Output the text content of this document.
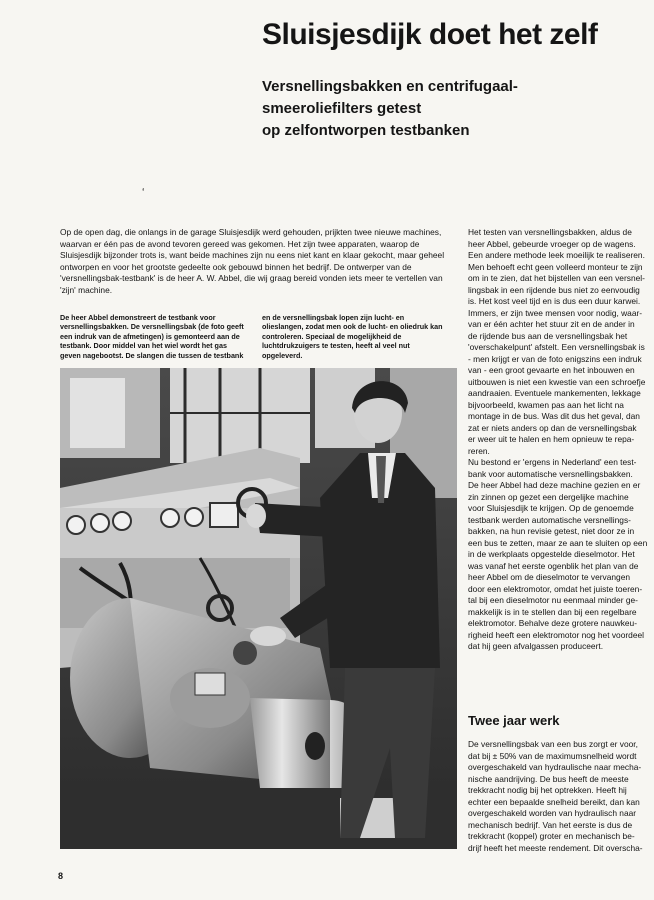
Sluisjesdijk doet het zelf
Versnellingsbakken en centrifugaal-
smeeroliefilters getest
op zelfontworpen testbanken
ʻ

Op de open dag, die onlangs in de garage Sluisjesdijk werd gehouden, prijkten twee nieuwe machines, waarvan er één pas de avond tevoren gereed was gekomen. Het zijn twee apparaten, waarop de Sluisjesdijk bijzonder trots is, want beide machines zijn nu eens niet kant en klaar gekocht, maar geheel ontworpen en voor het grootste gedeelte ook gebouwd binnen het bedrijf. De ontwerper van de 'versnellingsbak-testbank' is de heer A. W. Abbel, die wij graag bereid vonden iets meer te vertellen van 'zijn' machine.

De heer Abbel demonstreert de testbank voor versnellingsbakken. De versnellingsbak (de foto geeft een indruk van de afmetingen) is gemonteerd aan de testbank. Door middel van het wiel wordt het gas geven nagebootst. De slangen die tussen de testbank

en de versnellingsbak lopen zijn lucht- en olieslangen, zodat men ook de lucht- en oliedruk kan controleren. Speciaal de mogelijkheid de luchtdrukzuigers te testen, heeft al veel nut opgeleverd.

Het testen van versnellingsbakken, aldus de

heer Abbel, gebeurde vroeger op de wagens.

Een andere methode leek moeilijk te realiseren.

Men behoeft echt geen volleerd monteur te zijn

om in te zien, dat het bijstellen van een versnel-

lingsbak in een rijdende bus niet zo eenvoudig

is. Het kost veel tijd en is dus een duur karwei.

Immers, er zijn twee mensen voor nodig, waar-

van er één achter het stuur zit en de ander in

de rijdende bus aan de versnellingsbak het

'overschakelpunt' afstelt. Een versnellingsbak is

- men krijgt er van de foto enigszins een indruk

van - een groot gevaarte en het inbouwen en

uitbouwen is niet een kwestie van een schroefje

aandraaien. Eventuele mankementen, lekkage

bijvoorbeeld, kwamen pas aan het licht na

montage in de bus. Was dit dus het geval, dan

zat er niets anders op dan de versnellingsbak

er weer uit te halen en hem opnieuw te repa-

reren.

Nu bestond er 'ergens in Nederland' een test-

bank voor automatische versnellingsbakken.

De heer Abbel had deze machine gezien en er

zin zinnen op gezet een dergelijke machine

voor Sluisjesdijk te krijgen. Op de genoemde

testbank werden automatische versnellings-

bakken, na hun revisie getest, niet door ze in

een bus te zetten, maar ze aan te sluiten op een

in de werkplaats opgestelde dieselmotor. Het

was vanaf het eerste ogenblik het plan van de

heer Abbel om de dieselmotor te vervangen

door een elektromotor, omdat het juiste toeren-

tal bij een dieselmotor nu eenmaal minder ge-

makkelijk is in te stellen dan bij een regelbare

elektromotor. Behalve deze grotere nauwkeu-

righeid heeft een elektromotor nog het voordeel

dat hij geen afvalgassen produceert.

Twee jaar werk

De versnellingsbak van een bus zorgt er voor,

dat bij ± 50% van de maximumsnelheid wordt

overgeschakeld van hydraulische naar mecha-

nische aandrijving. De bus heeft de meeste

trekkracht nodig bij het optrekken. Heeft hij

echter een bepaalde snelheid bereikt, dan kan

overgeschakeld worden van hydraulisch naar

mechanisch bedrijf. Van het eerste is dus de

trekkracht (koppel) groter en mechanisch be-

drijf heeft het meeste rendement. Dit overscha-

8
